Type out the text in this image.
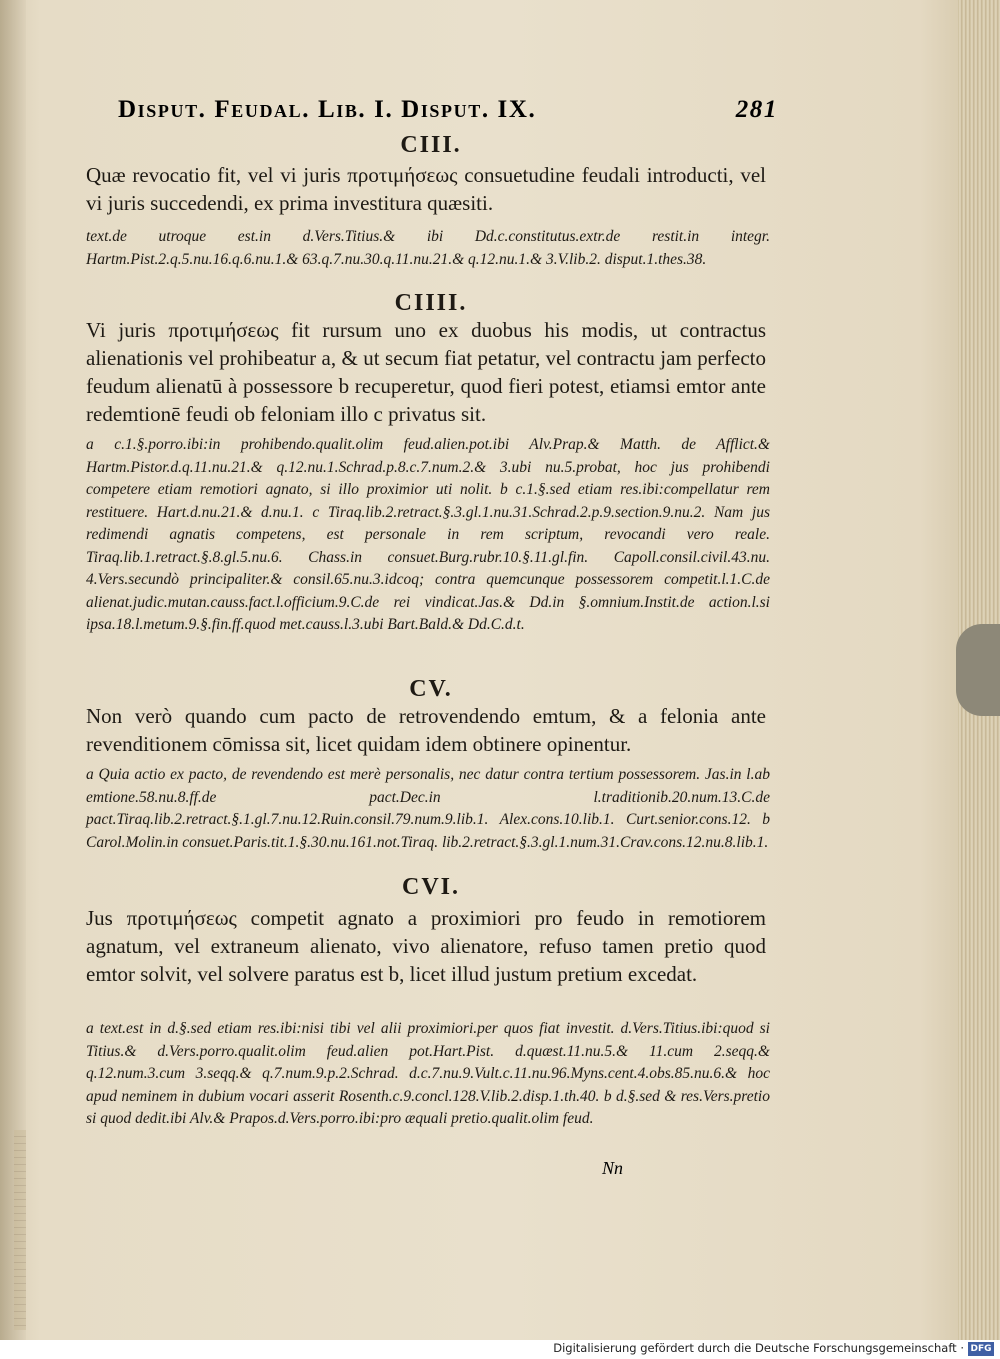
Disput. Feudal. Lib. I. Disput. IX.	281
CIII.
Quæ revocatio fit, vel vi juris προτιμήσεως consuetudine feudali introducti, vel vi juris succedendi, ex prima investitura quæsiti.
text.de utroque est.in d.Vers.Titius.& ibi Dd.c.constitutus.extr.de restit.in integr. Hartm.Pist.2.q.5.nu.16.q.6.nu.1.& 63.q.7.nu.30.q.11.nu.21.& q.12.nu.1.& 3.V.lib.2. disput.1.thes.38.
CIIII.
Vi juris προτιμήσεως fit rursum uno ex duobus his modis, ut contractus alienationis vel prohibeatur a, & ut secum fiat petatur, vel contractu jam perfecto feudum alienatū à possessore b recuperetur, quod fieri potest, etiamsi emtor ante redemtionē feudi ob feloniam illo c privatus sit.
a c.1.§.porro.ibi:in prohibendo.qualit.olim feud.alien.pot.ibi Alv.Prap.& Matth. de Afflict.& Hartm.Pistor.d.q.11.nu.21.& q.12.nu.1.Schrad.p.8.c.7.num.2.& 3.ubi nu.5.probat, hoc jus prohibendi competere etiam remotiori agnato, si illo proximior uti nolit. b c.1.§.sed etiam res.ibi:compellatur rem restituere. Hart.d.nu.21.& d.nu.1. c Tiraq.lib.2.retract.§.3.gl.1.nu.31.Schrad.2.p.9.section.9.nu.2. Nam jus redimendi agnatis competens, est personale in rem scriptum, revocandi vero reale. Tiraq.lib.1.retract.§.8.gl.5.nu.6. Chass.in consuet.Burg.rubr.10.§.11.gl.fin. Capoll.consil.civil.43.nu. 4.Vers.secundò principaliter.& consil.65.nu.3.idcoq; contra quemcunque possessorem competit.l.1.C.de alienat.judic.mutan.causs.fact.l.officium.9.C.de rei vindicat.Jas.& Dd.in §.omnium.Instit.de action.l.si ipsa.18.l.metum.9.§.fin.ff.quod met.causs.l.3.ubi Bart.Bald.& Dd.C.d.t.
CV.
Non verò quando cum pacto de retrovendendo emtum, & a felonia ante revenditionem cōmissa sit, licet quidam idem obtinere opinentur.
a Quia actio ex pacto, de revendendo est merè personalis, nec datur contra tertium possessorem. Jas.in l.ab emtione.58.nu.8.ff.de pact.Dec.in l.traditionib.20.num.13.C.de pact.Tiraq.lib.2.retract.§.1.gl.7.nu.12.Ruin.consil.79.num.9.lib.1. Alex.cons.10.lib.1. Curt.senior.cons.12. b Carol.Molin.in consuet.Paris.tit.1.§.30.nu.161.not.Tiraq. lib.2.retract.§.3.gl.1.num.31.Crav.cons.12.nu.8.lib.1.
CVI.
Jus προτιμήσεως competit agnato a proximiori pro feudo in remotiorem agnatum, vel extraneum alienato, vivo alienatore, refuso tamen pretio quod emtor solvit, vel solvere paratus est b, licet illud justum pretium excedat.
a text.est in d.§.sed etiam res.ibi:nisi tibi vel alii proximiori.per quos fiat investit. d.Vers.Titius.ibi:quod si Titius.& d.Vers.porro.qualit.olim feud.alien pot.Hart.Pist. d.quæst.11.nu.5.& 11.cum 2.seqq.& q.12.num.3.cum 3.seqq.& q.7.num.9.p.2.Schrad. d.c.7.nu.9.Vult.c.11.nu.96.Myns.cent.4.obs.85.nu.6.& hoc apud neminem in dubium vocari asserit Rosenth.c.9.concl.128.V.lib.2.disp.1.th.40. b d.§.sed & res.Vers.pretio si quod dedit.ibi Alv.& Prapos.d.Vers.porro.ibi:pro æquali pretio.qualit.olim feud.
Nn
Digitalisierung gefördert durch die Deutsche Forschungsgemeinschaft · DFG
